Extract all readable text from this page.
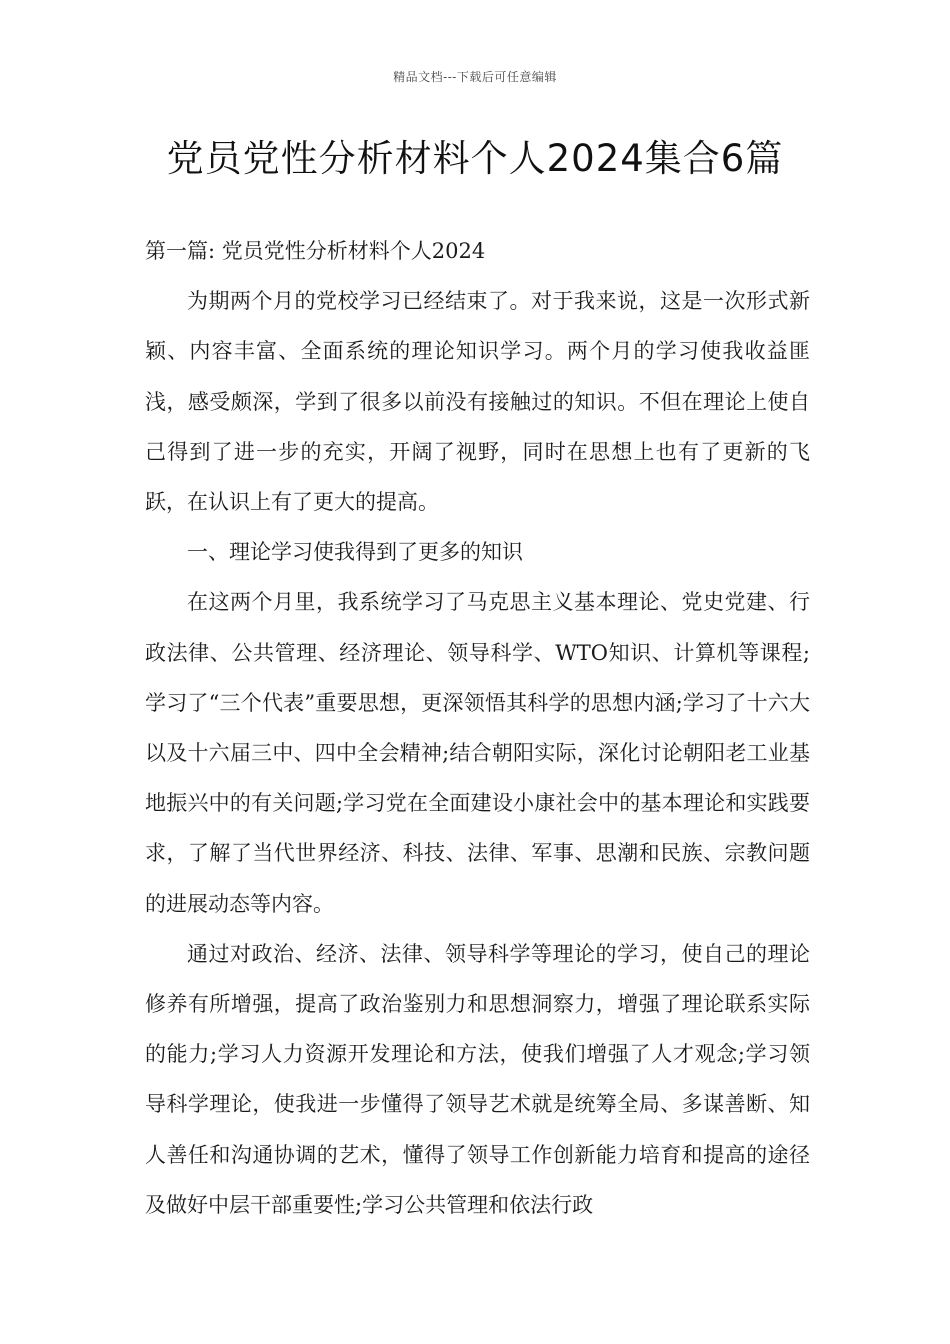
精品文档---下载后可任意编辑
党员党性分析材料个人2024集合6篇

第一篇: 党员党性分析材料个人2024

为期两个月的党校学习已经结束了。对于我来说，这是一次形式新颖、内容丰富、全面系统的理论知识学习。两个月的学习使我收益匪浅，感受颇深，学到了很多以前没有接触过的知识。不但在理论上使自己得到了进一步的充实，开阔了视野，同时在思想上也有了更新的飞跃，在认识上有了更大的提高。

一、理论学习使我得到了更多的知识

在这两个月里，我系统学习了马克思主义基本理论、党史党建、行政法律、公共管理、经济理论、领导科学、WTO知识、计算机等课程;学习了“三个代表”重要思想，更深领悟其科学的思想内涵;学习了十六大以及十六届三中、四中全会精神;结合朝阳实际，深化讨论朝阳老工业基地振兴中的有关问题;学习党在全面建设小康社会中的基本理论和实践要求，了解了当代世界经济、科技、法律、军事、思潮和民族、宗教问题的进展动态等内容。

通过对政治、经济、法律、领导科学等理论的学习，使自己的理论修养有所增强，提高了政治鉴别力和思想洞察力，增强了理论联系实际的能力;学习人力资源开发理论和方法，使我们增强了人才观念;学习领导科学理论，使我进一步懂得了领导艺术就是统筹全局、多谋善断、知人善任和沟通协调的艺术，懂得了领导工作创新能力培育和提高的途径及做好中层干部重要性;学习公共管理和依法行政
